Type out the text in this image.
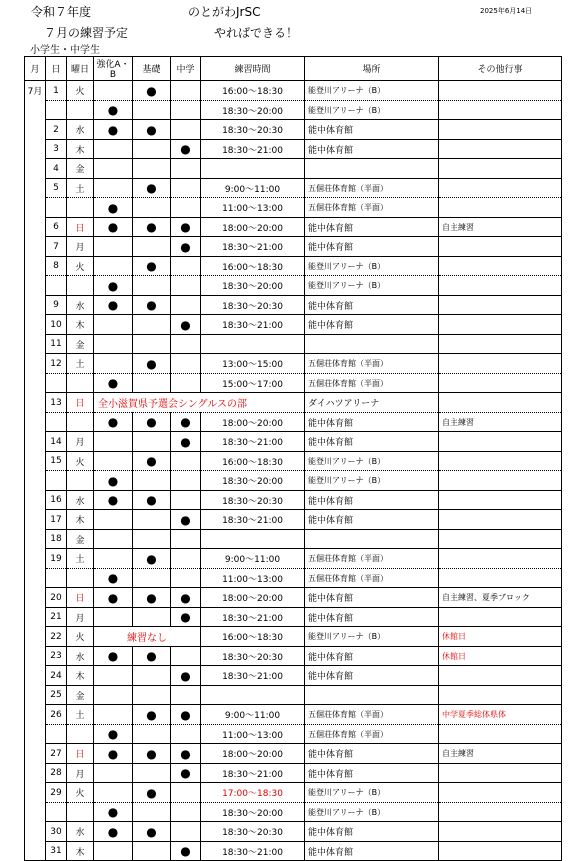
令和７年度	のとがわJrSC	2025年6月14日
７月の練習予定	やればできる！
小学生・中学生
月	日	曜日	強化A・B	基礎	中学	練習時間	場所	その他行事
7月	1	火		●		16:00～18:30	能登川アリーナ（B）	
			●			18:30～20:00	能登川アリーナ（B）	
	2	水	●	●		18:30～20:30	能中体育館	
	3	木			●	18:30～21:00	能中体育館	
	4	金						
	5	土		●		9:00～11:00	五個荘体育館（半面）	
			●			11:00～13:00	五個荘体育館（半面）	
	6	日	●	●	●	18:00～20:00	能中体育館	自主練習
	7	月			●	18:30～21:00	能中体育館	
	8	火		●		16:00～18:30	能登川アリーナ（B）	
			●			18:30～20:00	能登川アリーナ（B）	
	9	水	●	●		18:30～20:30	能中体育館	
	10	木			●	18:30～21:00	能中体育館	
	11	金						
	12	土		●		13:00～15:00	五個荘体育館（半面）	
			●			15:00～17:00	五個荘体育館（半面）	
	13	日	全小滋賀県予選会シングルスの部				ダイハツアリーナ	
			●	●	●	18:00～20:00	能中体育館	自主練習
	14	月			●	18:30～21:00	能中体育館	
	15	火		●		16:00～18:30	能登川アリーナ（B）	
			●			18:30～20:00	能登川アリーナ（B）	
	16	水	●	●		18:30～20:30	能中体育館	
	17	木			●	18:30～21:00	能中体育館	
	18	金						
	19	土		●		9:00～11:00	五個荘体育館（半面）	
			●			11:00～13:00	五個荘体育館（半面）	
	20	日	●	●	●	18:00～20:00	能中体育館	自主練習、夏季ブロック
	21	月			●	18:30～21:00	能中体育館	
	22	火	練習なし			16:00～18:30	能登川アリーナ（B）	休館日
	23	水	●	●		18:30～20:30	能中体育館	休館日
	24	木			●	18:30～21:00	能中体育館	
	25	金						
	26	土		●	●	9:00～11:00	五個荘体育館（半面）	中学夏季総体県体
			●			11:00～13:00	五個荘体育館（半面）	
	27	日	●	●	●	18:00～20:00	能中体育館	自主練習
	28	月			●	18:30～21:00	能中体育館	
	29	火		●		17:00～18:30	能登川アリーナ（B）	
			●			18:30～20:00	能登川アリーナ（B）	
	30	水	●	●		18:30～20:30	能中体育館	
	31	木			●	18:30～21:00	能中体育館	
